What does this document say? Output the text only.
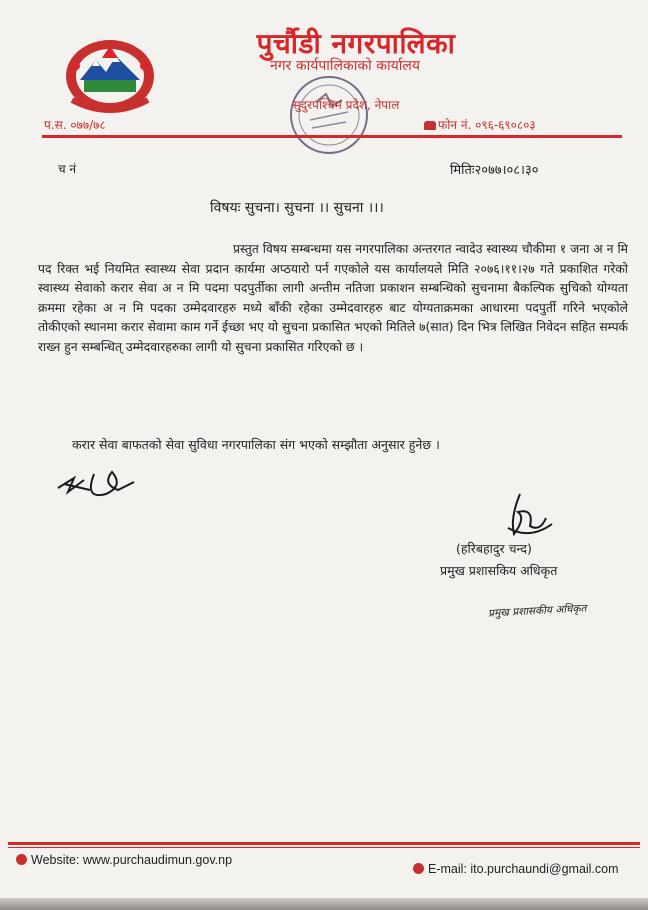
पुर्चौडी नगरपालिका
नगर कार्यपालिकाको कार्यालय
सुदुरपश्चिम प्रदेश, नेपाल
प.स. ०७७/७८	फोन नं. ०९६-६९०८०३
च नं	मितिः२०७७।०८।३०
विषयः सुचना। सुचना ।। सुचना ।।।
प्रस्तुत विषय सम्बन्धमा यस नगरपालिका अन्तरगत न्वादेउ स्वास्थ्य चौकीमा १ जना अ न मि पद रिक्त भई नियमित स्वास्थ्य सेवा प्रदान कार्यमा अप्ठयारो पर्न गएकोले यस कार्यालयले मिति २०७६।११।२७ गते प्रकाशित गरेको स्वास्थ्य सेवाको करार सेवा अ न मि पदमा पदपुर्तीका लागी अन्तीम नतिजा प्रकाशन सम्बन्धिको सुचनामा बैकल्पिक सुचिको योग्यता क्रममा रहेका अ न मि पदका उम्मेदवारहरु मध्ये बाँकी रहेका उम्मेदवारहरु बाट योग्यताक्रमका आधारमा पदपुर्ती गरिने भएकोले तोकीएको स्थानमा करार सेवामा काम गर्ने ईच्छा भए यो सुचना प्रकासित भएको मितिले ७(सात) दिन भित्र लिखित निवेदन सहित सम्पर्क राख्न हुन सम्बन्धित् उम्मेदवारहरुका लागी यो सुचना प्रकासित गरिएको छ ।
करार सेवा बाफतको सेवा सुविधा नगरपालिका संग भएको सम्झौता अनुसार हुनेछ ।
(हरिबहादुर चन्द)
प्रमुख प्रशासकिय अधिकृत
प्रमुख प्रशासकीय अधिकृत
Website: www.purchaudimun.gov.np
E-mail: ito.purchaundi@gmail.com
